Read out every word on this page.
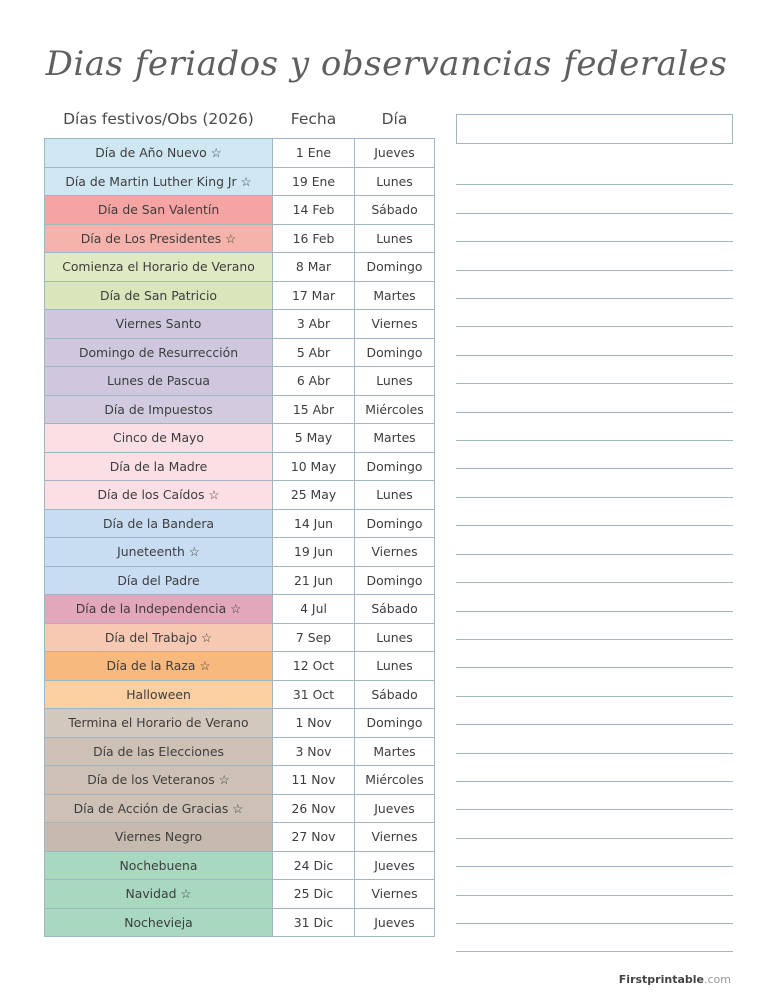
Dias feriados y observancias federales
Días festivos/Obs (2026)	Fecha	Día
Día de Año Nuevo ☆	1 Ene	Jueves
Día de Martin Luther King Jr ☆	19 Ene	Lunes
Día de San Valentín	14 Feb	Sábado
Día de Los Presidentes ☆	16 Feb	Lunes
Comienza el Horario de Verano	8 Mar	Domingo
Día de San Patricio	17 Mar	Martes
Viernes Santo	3 Abr	Viernes
Domingo de Resurrección	5 Abr	Domingo
Lunes de Pascua	6 Abr	Lunes
Día de Impuestos	15 Abr	Miércoles
Cinco de Mayo	5 May	Martes
Día de la Madre	10 May	Domingo
Día de los Caídos ☆	25 May	Lunes
Día de la Bandera	14 Jun	Domingo
Juneteenth ☆	19 Jun	Viernes
Día del Padre	21 Jun	Domingo
Día de la Independencia ☆	4 Jul	Sábado
Día del Trabajo ☆	7 Sep	Lunes
Día de la Raza ☆	12 Oct	Lunes
Halloween	31 Oct	Sábado
Termina el Horario de Verano	1 Nov	Domingo
Día de las Elecciones	3 Nov	Martes
Día de los Veteranos ☆	11 Nov	Miércoles
Día de Acción de Gracias ☆	26 Nov	Jueves
Viernes Negro	27 Nov	Viernes
Nochebuena	24 Dic	Jueves
Navidad ☆	25 Dic	Viernes
Nochevieja	31 Dic	Jueves
Firstprintable.com
